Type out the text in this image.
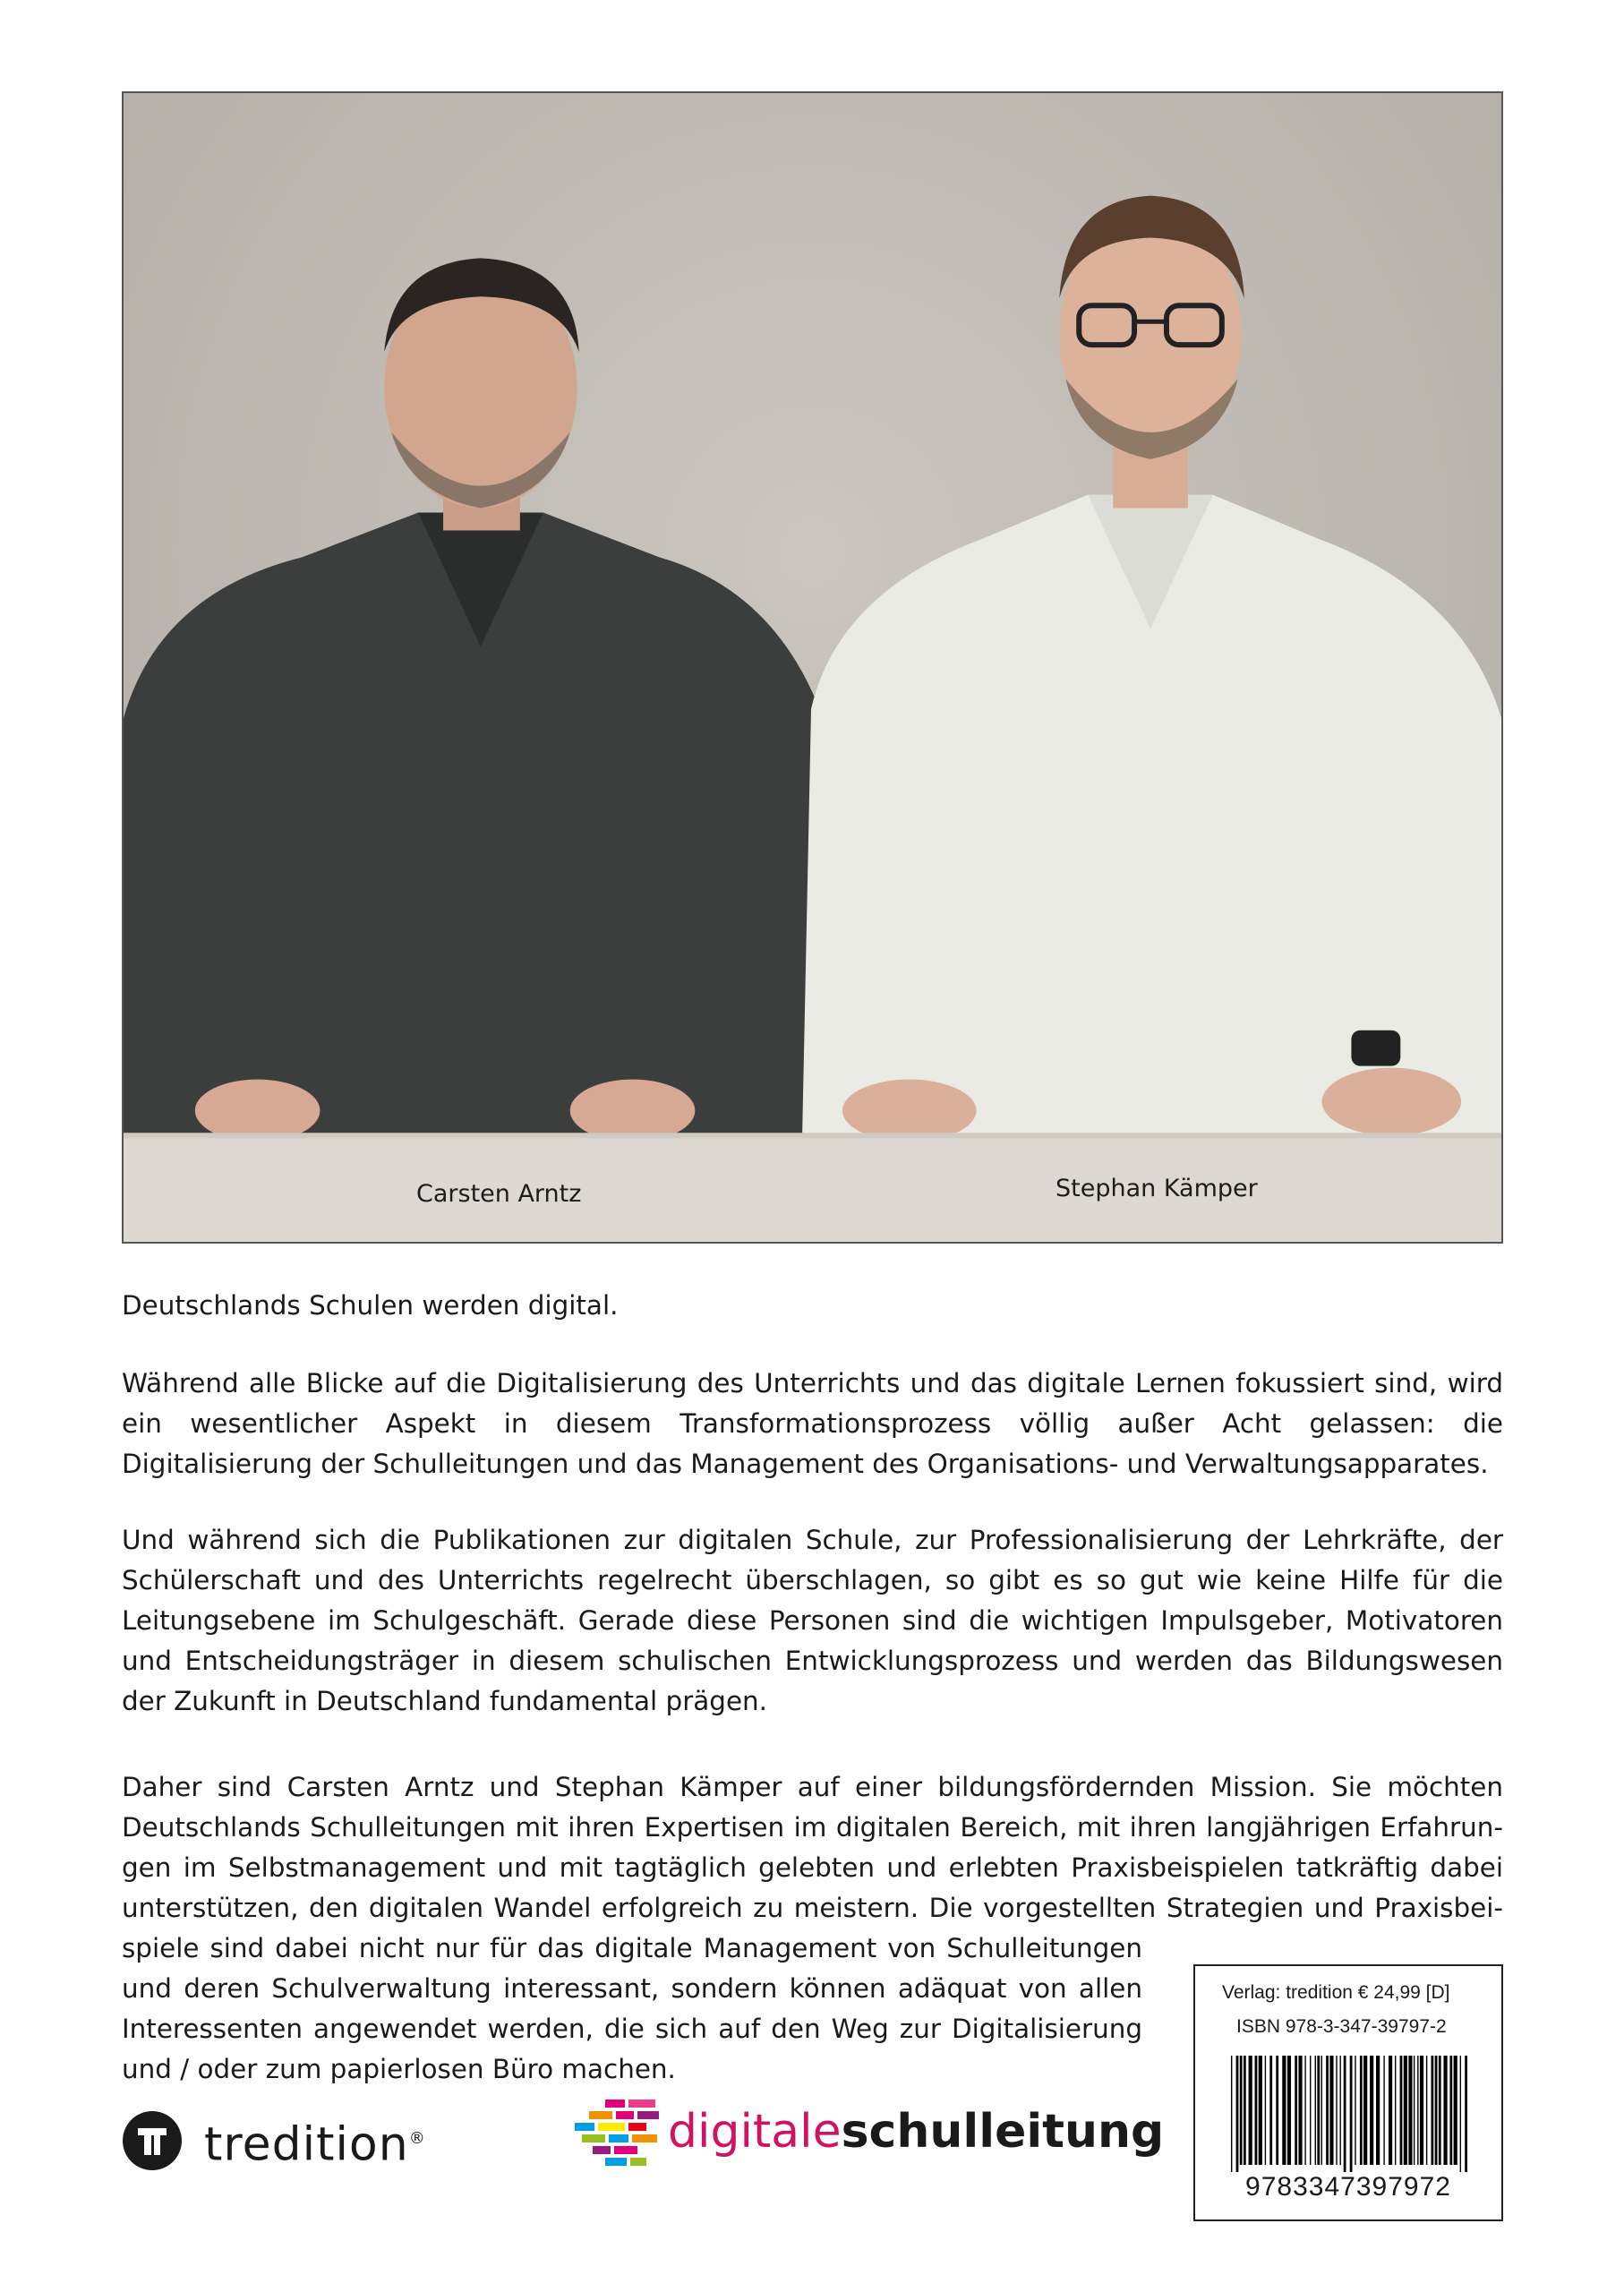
Carsten Arntz	Stephan Kämper

Deutschlands Schulen werden digital.

Während alle Blicke auf die Digitalisierung des Unterrichts und das digitale Lernen fokussiert sind, wird ein wesentlicher Aspekt in diesem Transformationsprozess völlig außer Acht gelassen: die Digitalisierung der Schulleitungen und das Management des Organisations- und Verwaltungsapparates.

Und während sich die Publikationen zur digitalen Schule, zur Professionalisierung der Lehrkräfte, der Schülerschaft und des Unterrichts regelrecht überschlagen, so gibt es so gut wie keine Hilfe für die Leitungsebene im Schulgeschäft. Gerade diese Personen sind die wichtigen Impulsgeber, Motivatoren und Entscheidungsträger in diesem schulischen Entwicklungsprozess und werden das Bildungswesen der Zukunft in Deutschland fundamental prägen.

Daher sind Carsten Arntz und Stephan Kämper auf einer bildungsfördernden Mission. Sie möchten
Deutschlands Schulleitungen mit ihren Expertisen im digitalen Bereich, mit ihren langjährigen Erfahrun-
gen im Selbstmanagement und mit tagtäglich gelebten und erlebten Praxisbeispielen tatkräftig dabei
unterstützen, den digitalen Wandel erfolgreich zu meistern. Die vorgestellten Strategien und Praxisbei-
spiele sind dabei nicht nur für das digitale Management von Schulleitungen
und deren Schulverwaltung interessant, sondern können adäquat von allen
Interessenten angewendet werden, die sich auf den Weg zur Digitalisierung
und / oder zum papierlosen Büro machen.
Verlag: tredition € 24,99 [D]
ISBN 978-3-347-39797-2
9783347397972
tredition®	digitaleschulleitung
